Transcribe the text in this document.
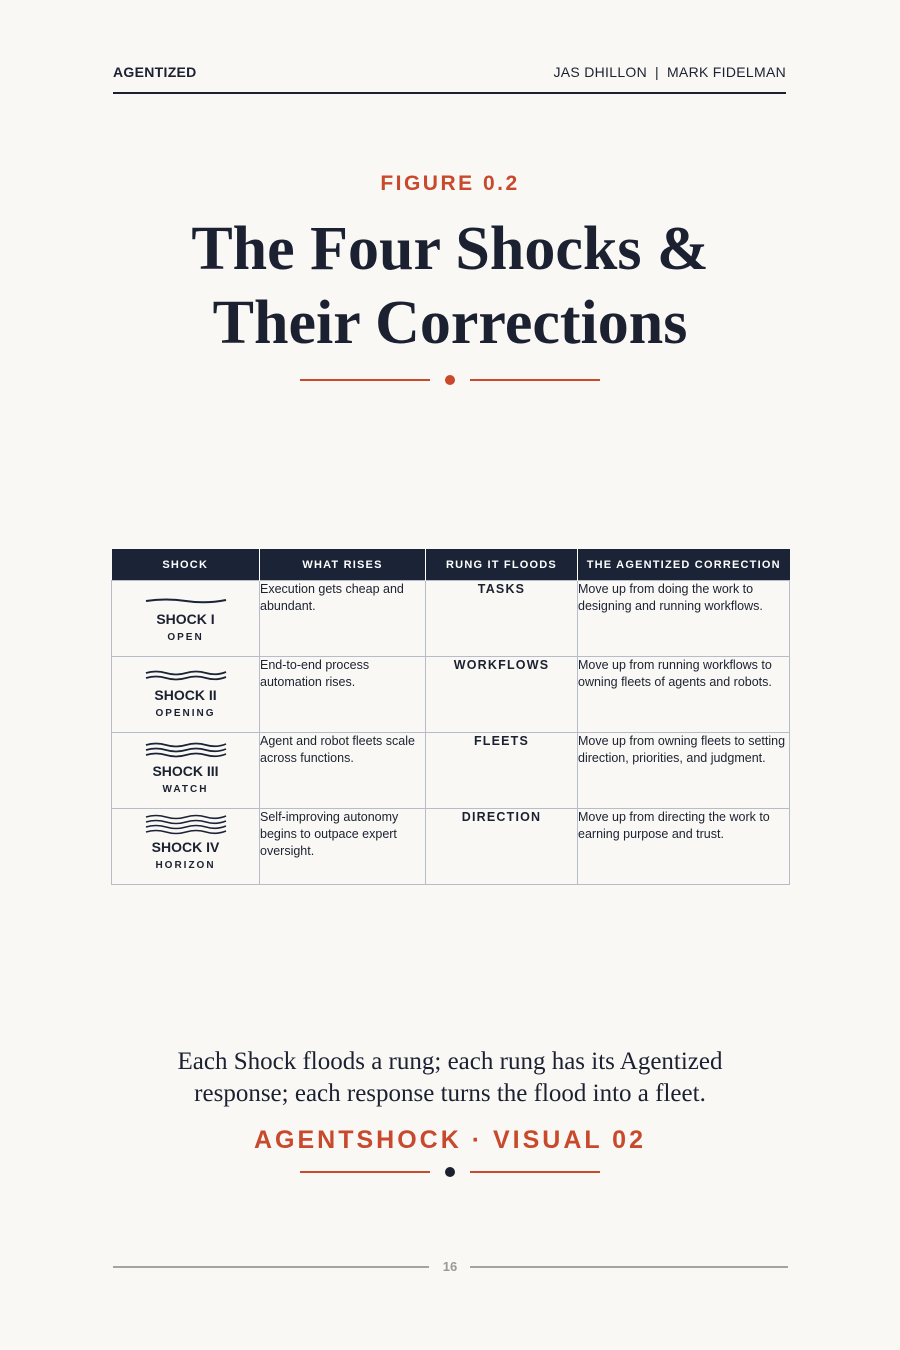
AGENTIZED	JAS DHILLON | MARK FIDELMAN
FIGURE 0.2
The Four Shocks &
Their Corrections
SHOCK	WHAT RISES	RUNG IT FLOODS	THE AGENTIZED CORRECTION

SHOCK I
OPEN	Execution gets cheap and abundant.	TASKS	Move up from doing the work to designing and running workflows.

SHOCK II
OPENING	End-to-end process automation rises.	WORKFLOWS	Move up from running workflows to owning fleets of agents and robots.

SHOCK III
WATCH	Agent and robot fleets scale across functions.	FLEETS	Move up from owning fleets to setting direction, priorities, and judgment.

SHOCK IV
HORIZON	Self-improving autonomy begins to outpace expert oversight.	DIRECTION	Move up from directing the work to earning purpose and trust.
Each Shock floods a rung; each rung has its Agentized
response; each response turns the flood into a fleet.
AGENTSHOCK · VISUAL 02
16
